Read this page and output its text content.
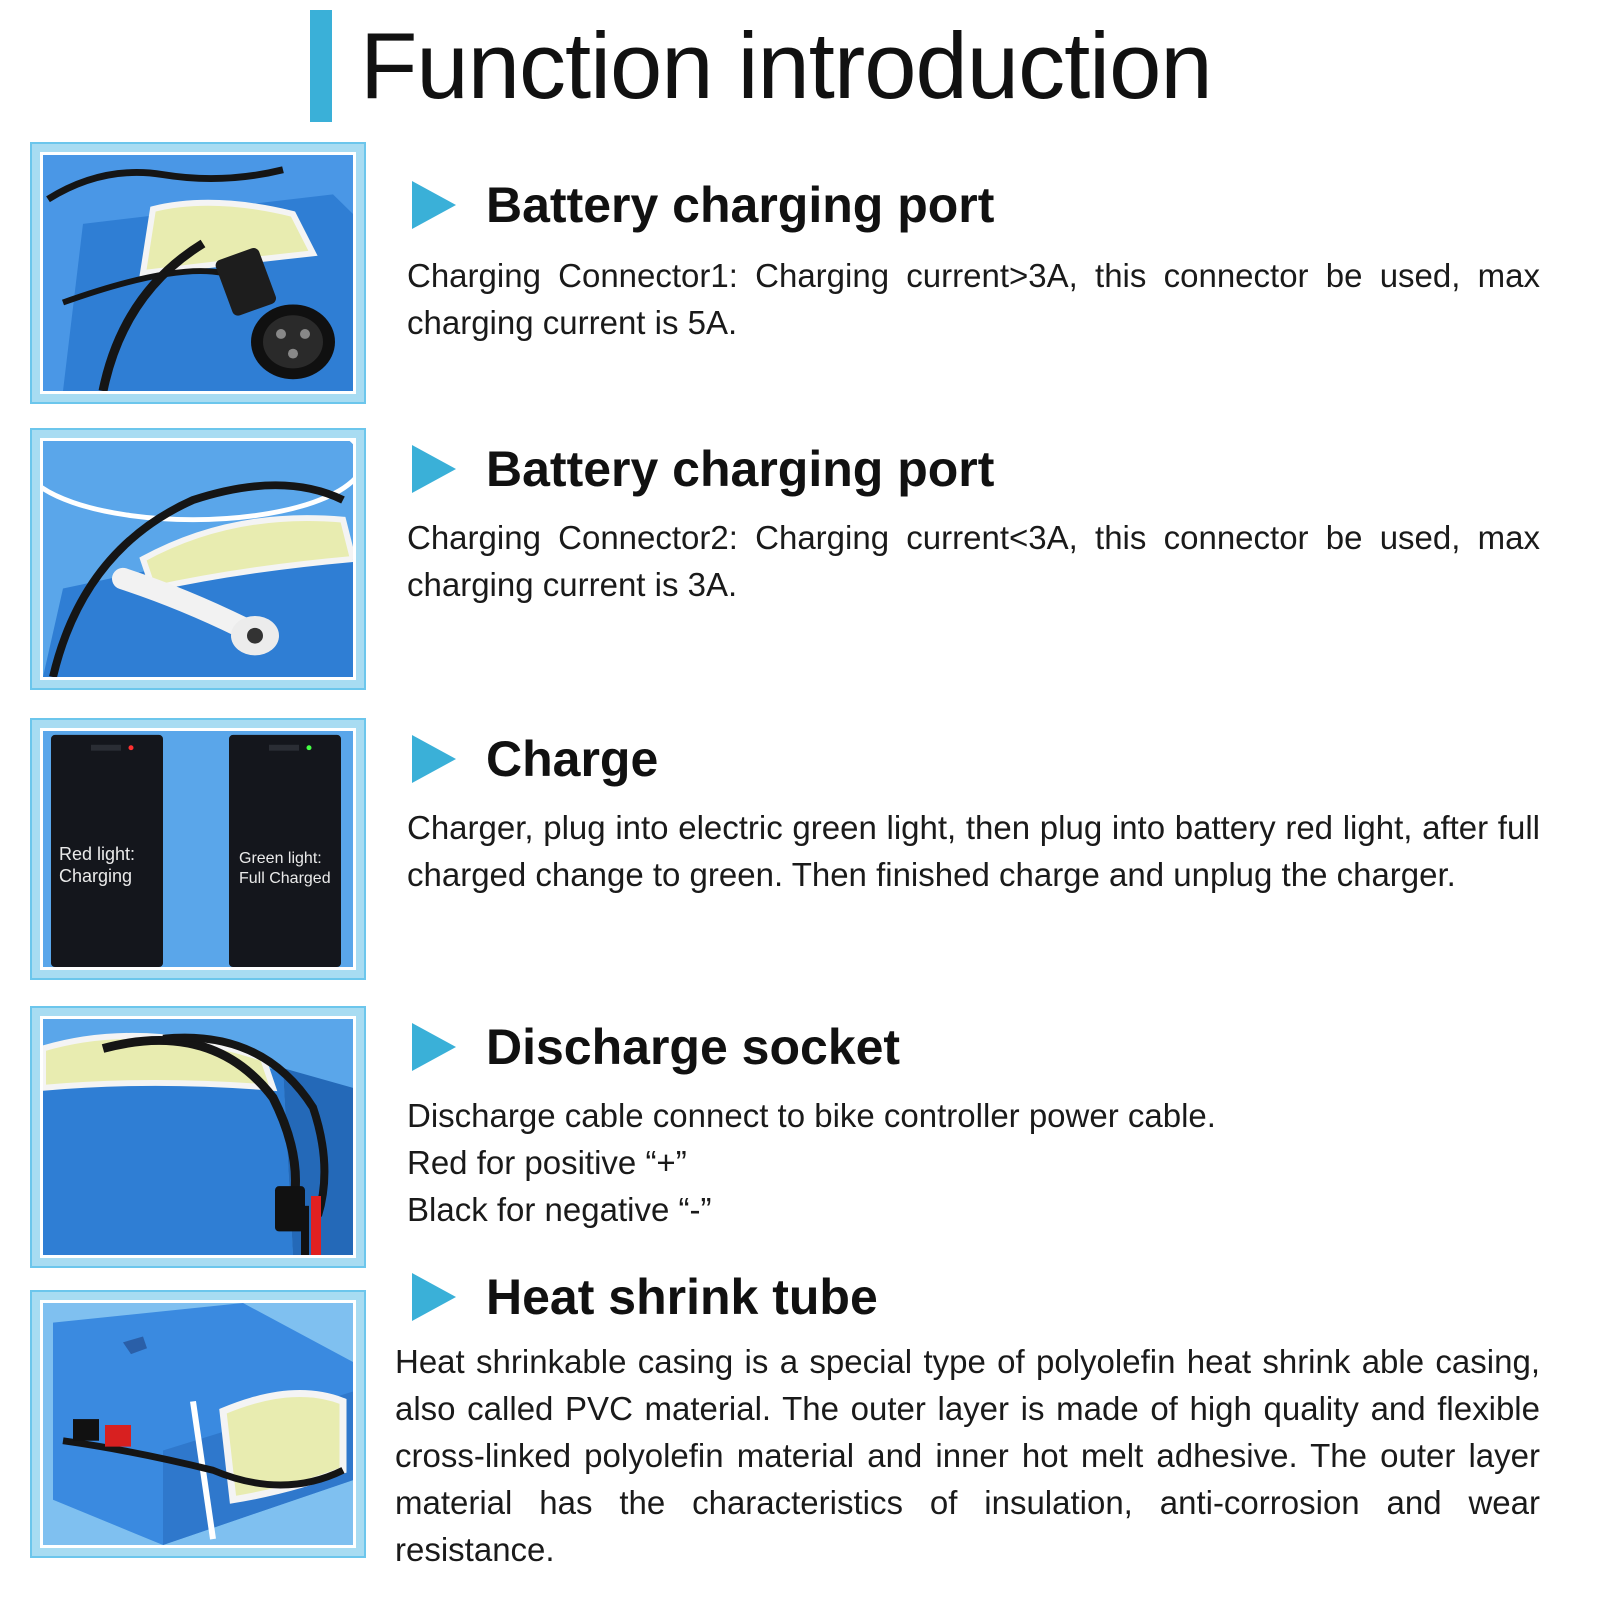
Function introduction
Battery charging port
Charging Connector1: Charging current>3A, this connector be used, max charging current is 5A.
Battery charging port
Charging Connector2: Charging current<3A, this connector be used, max charging current is 3A.
Red light:
Charging
Green light:
Full Charged
Charge
Charger, plug into electric green light, then plug into battery red light, after full charged change to green. Then finished charge and unplug the charger.
Discharge socket
Discharge cable connect to bike controller power cable.
Red for positive “+”
Black for negative “-”
Heat shrink tube
Heat shrinkable casing is a special type of polyolefin heat shrink able casing, also called PVC material. The outer layer is made of high quality and flexible cross-linked polyolefin material and inner hot melt adhesive. The outer layer material has the characteristics of insulation, anti-corrosion and wear resistance.
